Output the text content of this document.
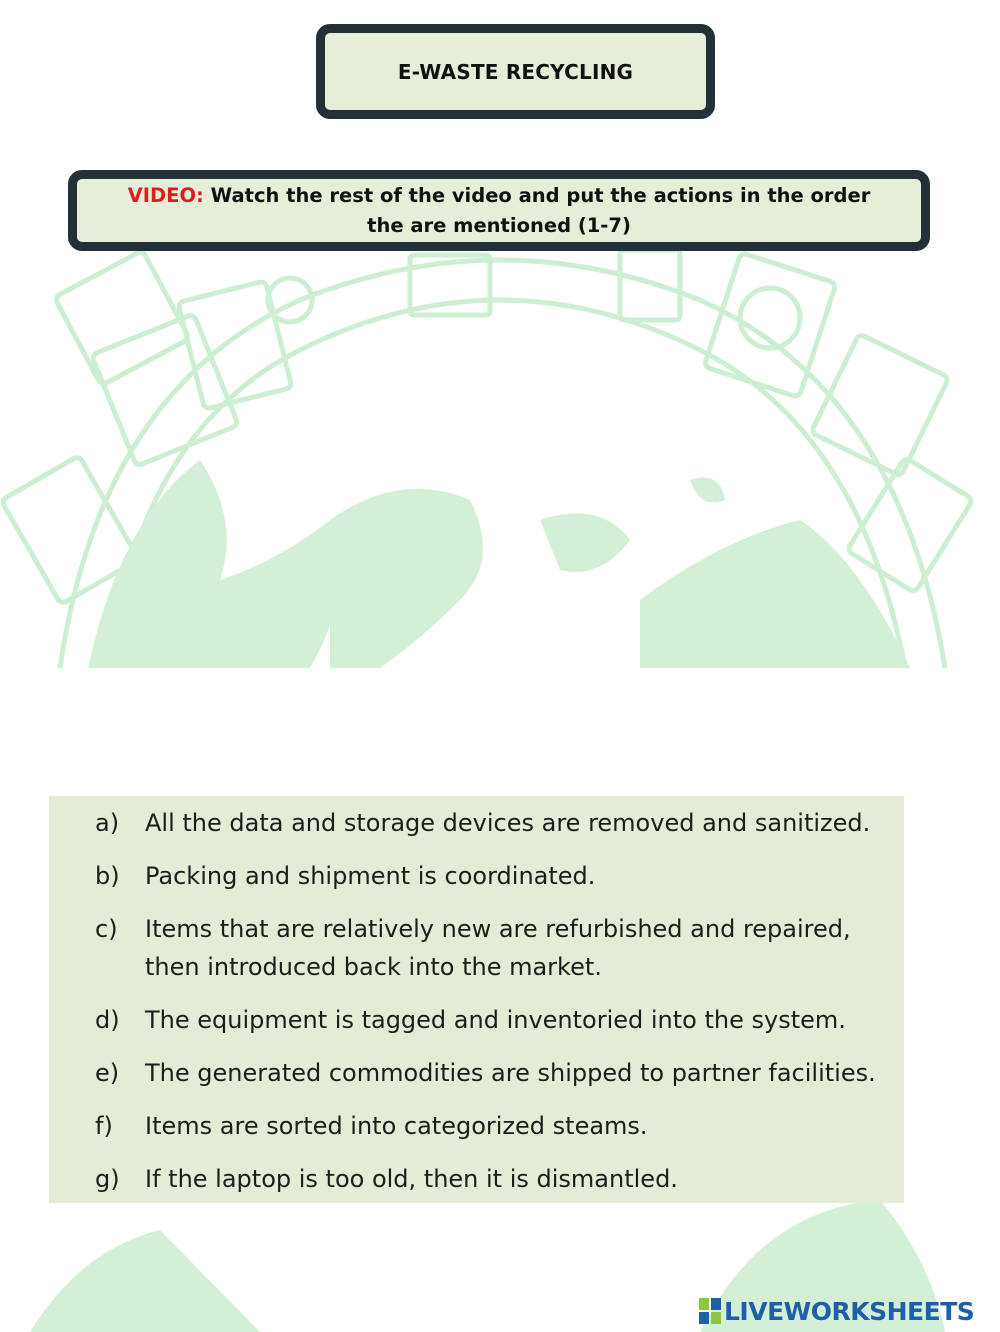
E-WASTE RECYCLING
VIDEO: Watch the rest of the video and put the actions in the order the are mentioned (1-7)
a)	All the data and storage devices are removed and sanitized.
b)	Packing and shipment is coordinated.
c)	Items that are relatively new are refurbished and repaired, then introduced back into the market.
d)	The equipment is tagged and inventoried into the system.
e)	The generated commodities are shipped to partner facilities.
f)	Items are sorted into categorized steams.
g)	If the laptop is too old, then it is dismantled.
LIVEWORKSHEETS
